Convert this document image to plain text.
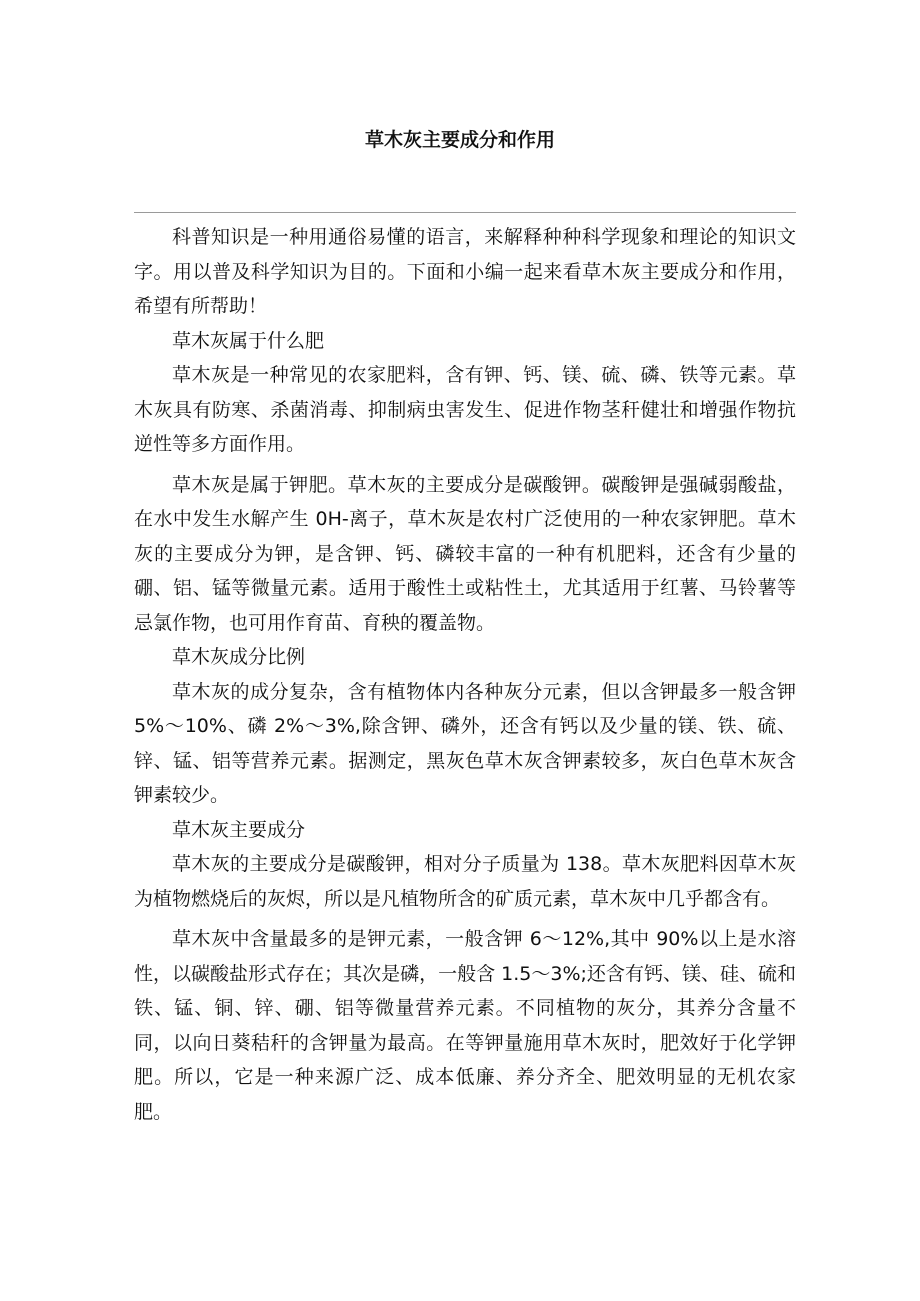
草木灰主要成分和作用

科普知识是一种用通俗易懂的语言，来解释种种科学现象和理论的知识文字。用以普及科学知识为目的。下面和小编一起来看草木灰主要成分和作用，希望有所帮助！

草木灰属于什么肥

草木灰是一种常见的农家肥料，含有钾、钙、镁、硫、磷、铁等元素。草木灰具有防寒、杀菌消毒、抑制病虫害发生、促进作物茎秆健壮和增强作物抗逆性等多方面作用。

草木灰是属于钾肥。草木灰的主要成分是碳酸钾。碳酸钾是强碱弱酸盐，在水中发生水解产生 0H-离子，草木灰是农村广泛使用的一种农家钾肥。草木灰的主要成分为钾，是含钾、钙、磷较丰富的一种有机肥料，还含有少量的硼、铝、锰等微量元素。适用于酸性土或粘性土，尤其适用于红薯、马铃薯等忌氯作物，也可用作育苗、育秧的覆盖物。

草木灰成分比例

草木灰的成分复杂，含有植物体内各种灰分元素，但以含钾最多一般含钾 5%～10%、磷 2%～3%,除含钾、磷外，还含有钙以及少量的镁、铁、硫、锌、锰、铝等营养元素。据测定，黑灰色草木灰含钾素较多，灰白色草木灰含钾素较少。

草木灰主要成分

草木灰的主要成分是碳酸钾，相对分子质量为 138。草木灰肥料因草木灰为植物燃烧后的灰烬，所以是凡植物所含的矿质元素，草木灰中几乎都含有。

草木灰中含量最多的是钾元素，一般含钾 6～12%,其中 90%以上是水溶性，以碳酸盐形式存在；其次是磷，一般含 1.5～3%;还含有钙、镁、硅、硫和铁、锰、铜、锌、硼、铝等微量营养元素。不同植物的灰分，其养分含量不同，以向日葵秸秆的含钾量为最高。在等钾量施用草木灰时，肥效好于化学钾肥。所以，它是一种来源广泛、成本低廉、养分齐全、肥效明显的无机农家肥。
